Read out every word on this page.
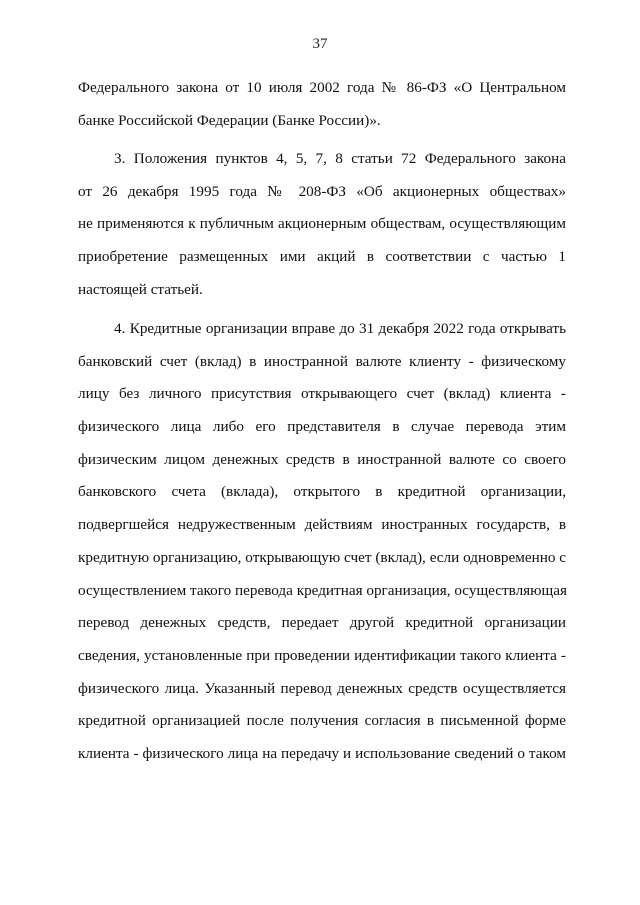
37
Федерального закона от 10 июля 2002 года № 86-ФЗ «О Центральном
банке Российской Федерации (Банке России)».
3. Положения пунктов 4, 5, 7, 8 статьи 72 Федерального закона
от 26 декабря 1995 года № 208-ФЗ «Об акционерных обществах»
не применяются к публичным акционерным обществам, осуществляющим
приобретение размещенных ими акций в соответствии с частью 1
настоящей статьей.
4. Кредитные организации вправе до 31 декабря 2022 года открывать
банковский счет (вклад) в иностранной валюте клиенту - физическому
лицу без личного присутствия открывающего счет (вклад) клиента -
физического лица либо его представителя в случае перевода этим
физическим лицом денежных средств в иностранной валюте со своего
банковского счета (вклада), открытого в кредитной организации,
подвергшейся недружественным действиям иностранных государств, в
кредитную организацию, открывающую счет (вклад), если одновременно с
осуществлением такого перевода кредитная организация, осуществляющая
перевод денежных средств, передает другой кредитной организации
сведения, установленные при проведении идентификации такого клиента -
физического лица. Указанный перевод денежных средств осуществляется
кредитной организацией после получения согласия в письменной форме
клиента - физического лица на передачу и использование сведений о таком
